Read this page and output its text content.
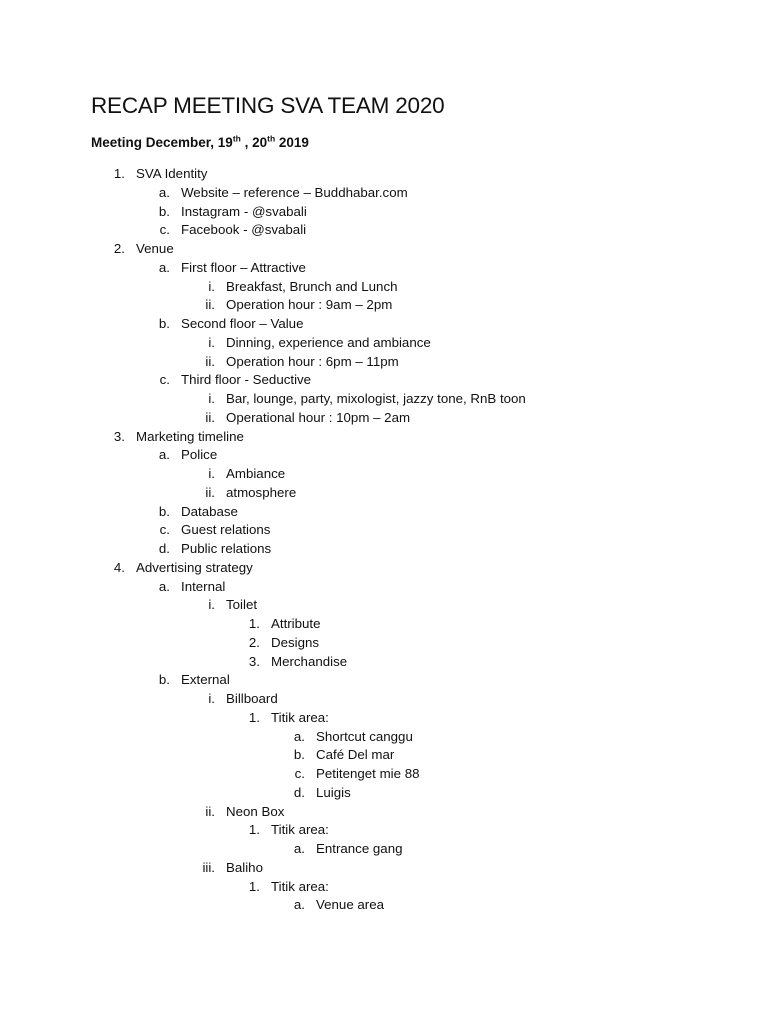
RECAP MEETING SVA TEAM 2020
Meeting December, 19th , 20th 2019
1. SVA Identity
a. Website – reference – Buddhabar.com
b. Instagram - @svabali
c. Facebook - @svabali
2. Venue
a. First floor – Attractive
i. Breakfast, Brunch and Lunch
ii. Operation hour : 9am – 2pm
b. Second floor – Value
i. Dinning, experience and ambiance
ii. Operation hour : 6pm – 11pm
c. Third floor - Seductive
i. Bar, lounge, party, mixologist, jazzy tone, RnB toon
ii. Operational hour : 10pm – 2am
3. Marketing timeline
a. Police
i. Ambiance
ii. atmosphere
b. Database
c. Guest relations
d. Public relations
4. Advertising strategy
a. Internal
i. Toilet
1. Attribute
2. Designs
3. Merchandise
b. External
i. Billboard
1. Titik area:
a. Shortcut canggu
b. Café Del mar
c. Petitenget mie 88
d. Luigis
ii. Neon Box
1. Titik area:
a. Entrance gang
iii. Baliho
1. Titik area:
a. Venue area
